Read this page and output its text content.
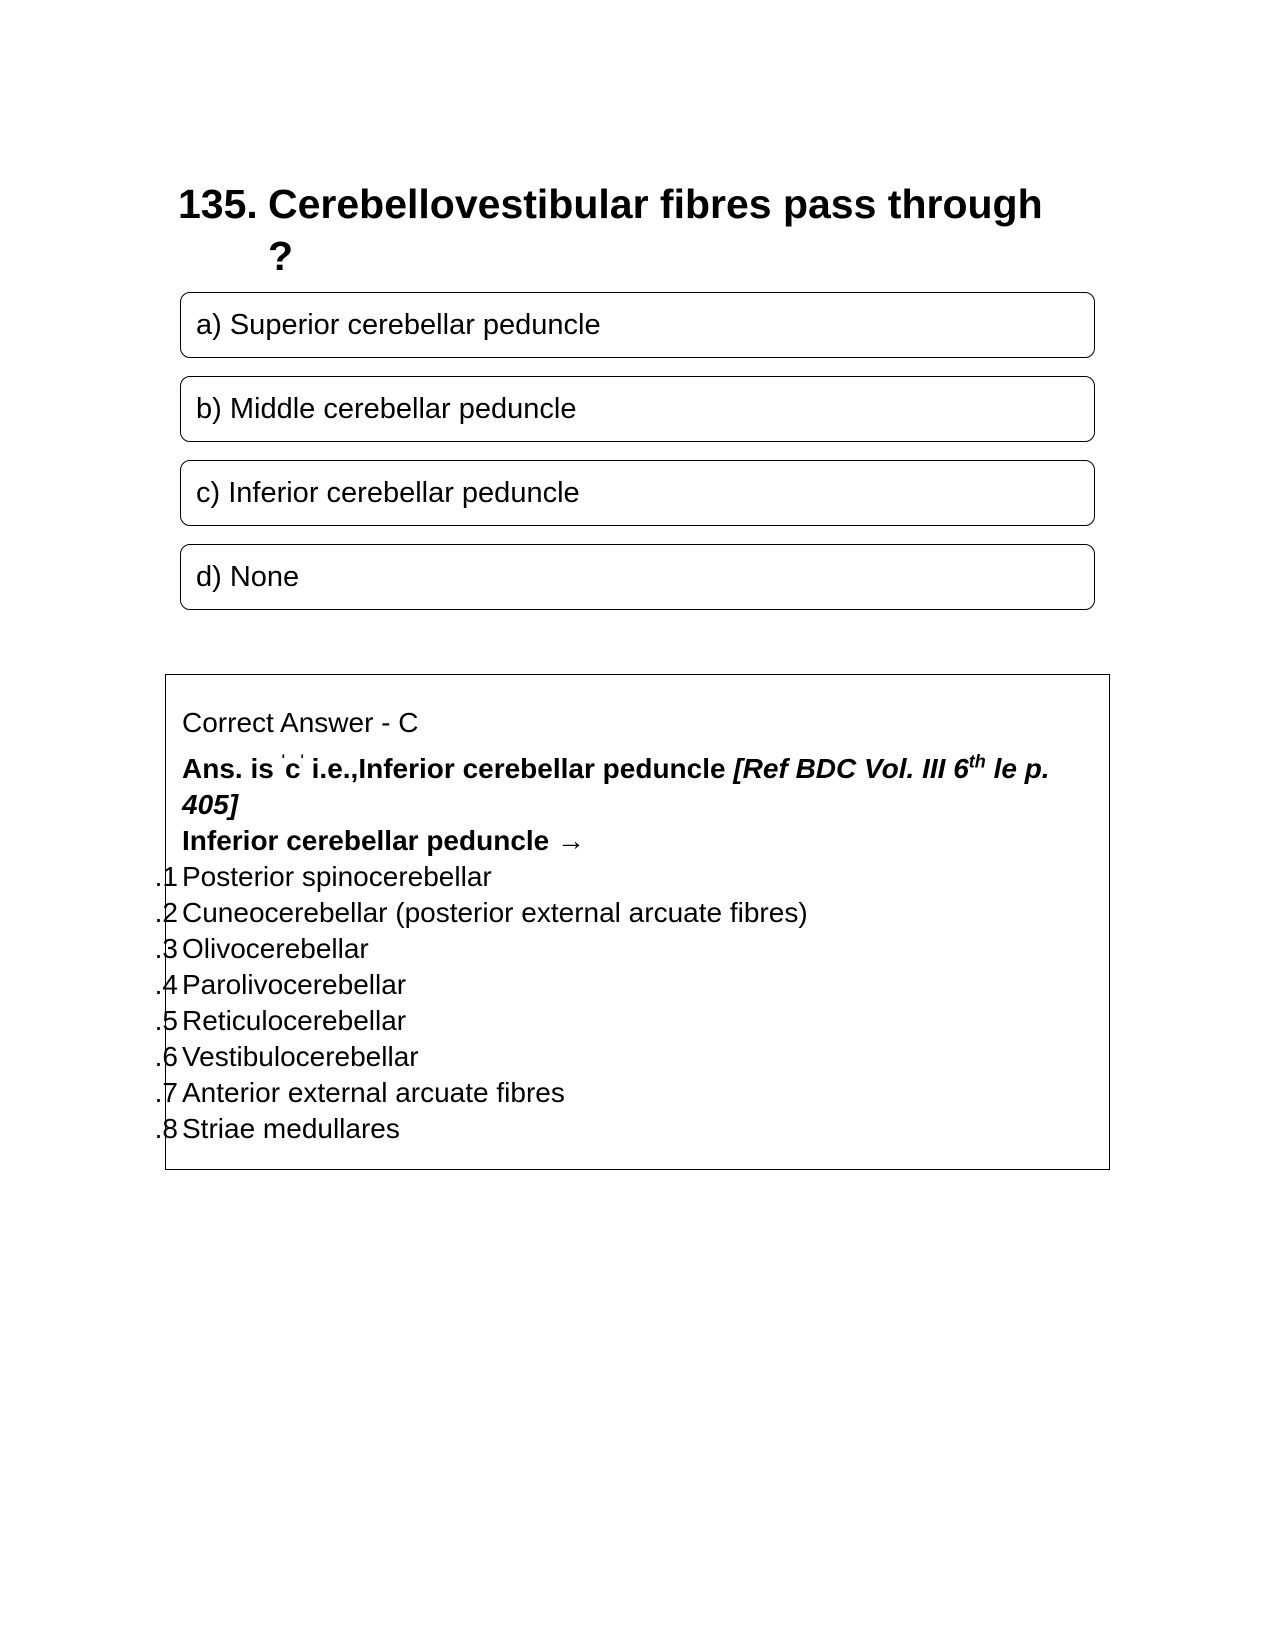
135. Cerebellovestibular fibres pass through ?
a) Superior cerebellar peduncle
b) Middle cerebellar peduncle
c) Inferior cerebellar peduncle
d) None
Correct Answer - C
Ans. is 'c' i.e.,Inferior cerebellar peduncle [Ref BDC Vol. III 6th le p. 405]
Inferior cerebellar peduncle →
1. Posterior spinocerebellar
2. Cuneocerebellar (posterior external arcuate fibres)
3. Olivocerebellar
4. Parolivocerebellar
5. Reticulocerebellar
6. Vestibulocerebellar
7. Anterior external arcuate fibres
8. Striae medullares
